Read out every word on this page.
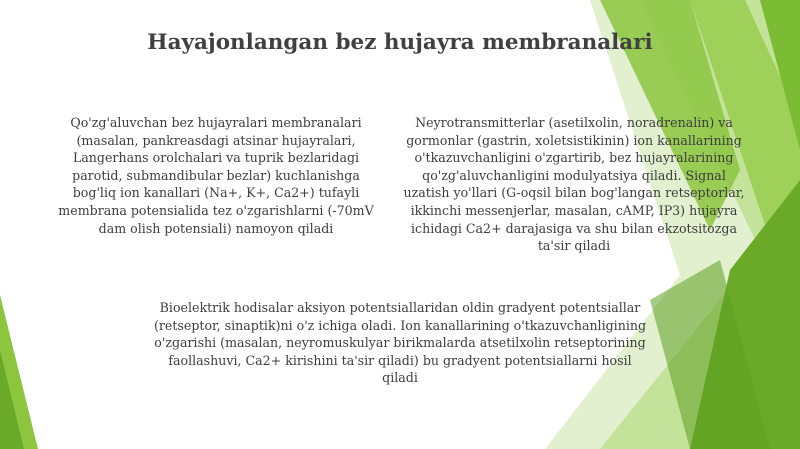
Hayajonlangan bez hujayra membranalari

Qo'zg'aluvchan bez hujayralari membranalari (masalan, pankreasdagi atsinar hujayralari, Langerhans orolchalari va tuprik bezlaridagi parotid, submandibular bezlar) kuchlanishga bog'liq ion kanallari (Na+, K+, Ca2+) tufayli membrana potensialida tez o'zgarishlarni (-70mV dam olish potensiali) namoyon qiladi

Neyrotransmitterlar (asetilxolin, noradrenalin) va gormonlar (gastrin, xoletsistikinin) ion kanallarining o'tkazuvchanligini o'zgartirib, bez hujayralarining qo'zg'aluvchanligini modulyatsiya qiladi. Signal uzatish yo'llari (G-oqsil bilan bog'langan retseptorlar, ikkinchi messenjerlar, masalan, cAMP, IP3) hujayra ichidagi Ca2+ darajasiga va shu bilan ekzotsitozga ta'sir qiladi

Bioelektrik hodisalar aksiyon potentsiallaridan oldin gradyent potentsiallar (retseptor, sinaptik)ni o'z ichiga oladi. Ion kanallarining o'tkazuvchanligining o'zgarishi (masalan, neyromuskulyar birikmalarda atsetilxolin retseptorining faollashuvi, Ca2+ kirishini ta'sir qiladi) bu gradyent potentsiallarni hosil qiladi
